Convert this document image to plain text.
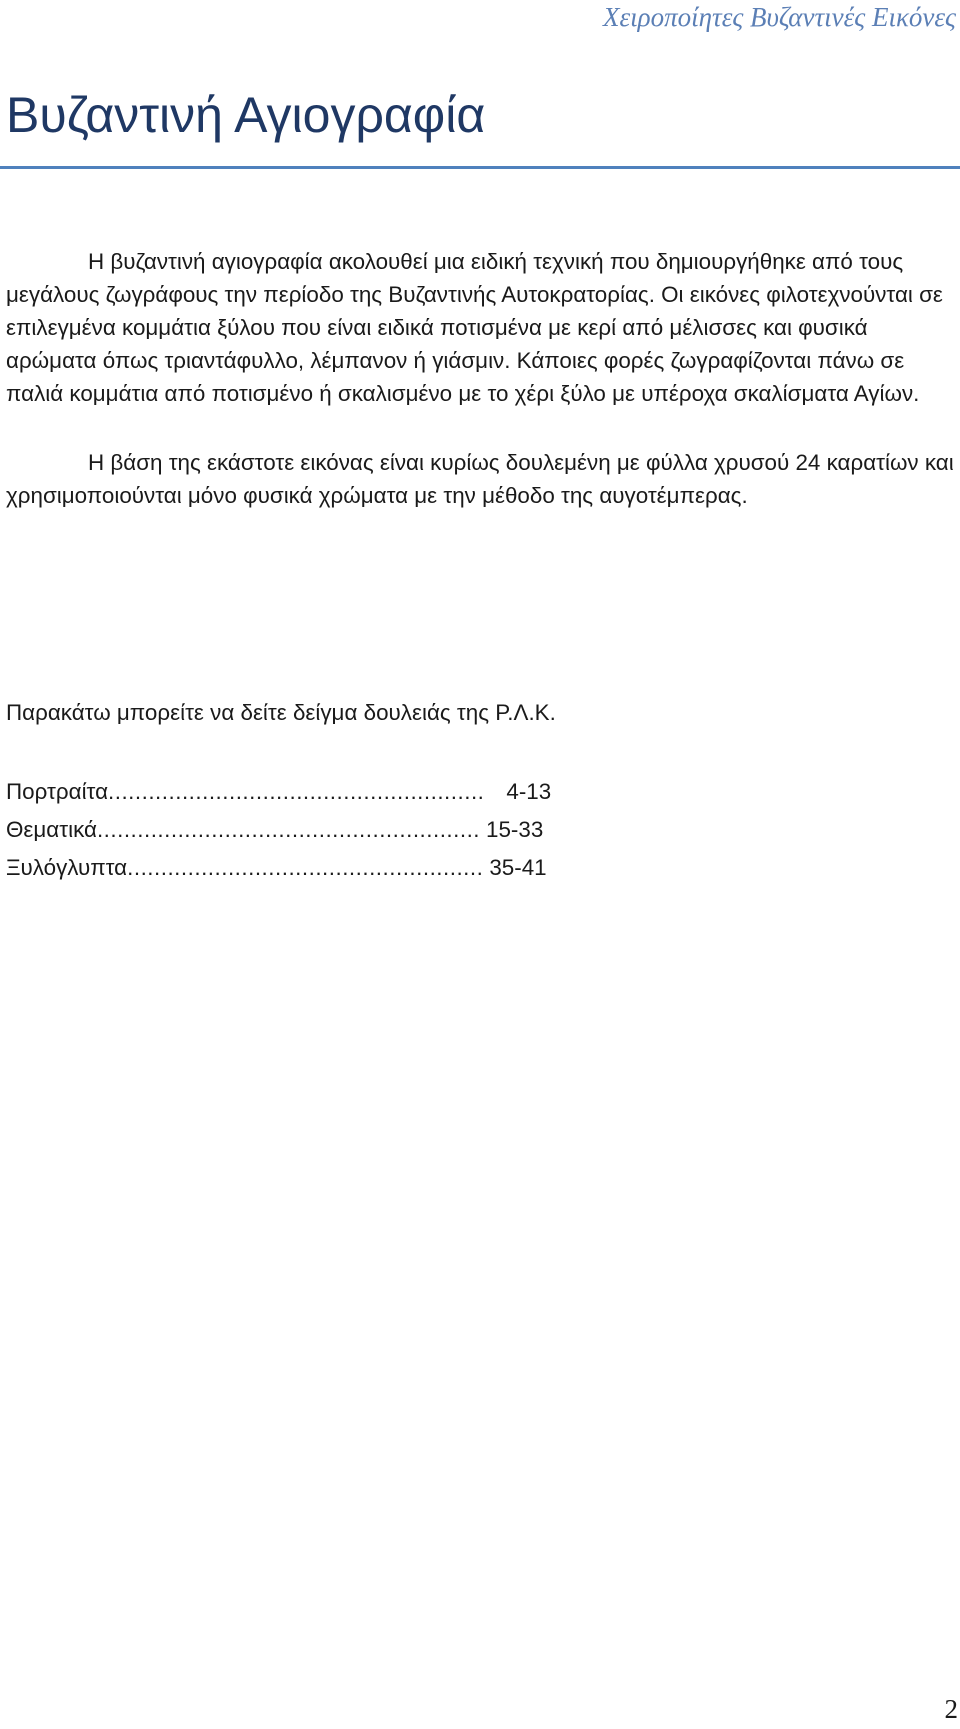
Χειροποίητες Βυζαντινές Εικόνες
Βυζαντινή Αγιογραφία

Η βυζαντινή αγιογραφία ακολουθεί μια ειδική τεχνική που δημιουργήθηκε από τους μεγάλους ζωγράφους την περίοδο της Βυζαντινής Αυτοκρατορίας. Οι εικόνες φιλοτεχνούνται σε επιλεγμένα κομμάτια ξύλου που είναι ειδικά ποτισμένα με κερί από μέλισσες και φυσικά αρώματα όπως τριαντάφυλλο, λέμπανον ή γιάσμιν. Κάποιες φορές ζωγραφίζονται πάνω σε παλιά κομμάτια από ποτισμένο ή σκαλισμένο με το χέρι ξύλο με υπέροχα σκαλίσματα Αγίων.

Η βάση της εκάστοτε εικόνας είναι κυρίως δουλεμένη με φύλλα χρυσού 24 καρατίων και χρησιμοποιούνται μόνο φυσικά χρώματα με την μέθοδο της αυγοτέμπερας.

Παρακάτω μπορείτε να δείτε δείγμα δουλειάς της Ρ.Λ.Κ.

Πορτραίτα ........................................................ 4-13
Θεματικά ......................................................... 15-33
Ξυλόγλυπτα ..................................................... 35-41
2
